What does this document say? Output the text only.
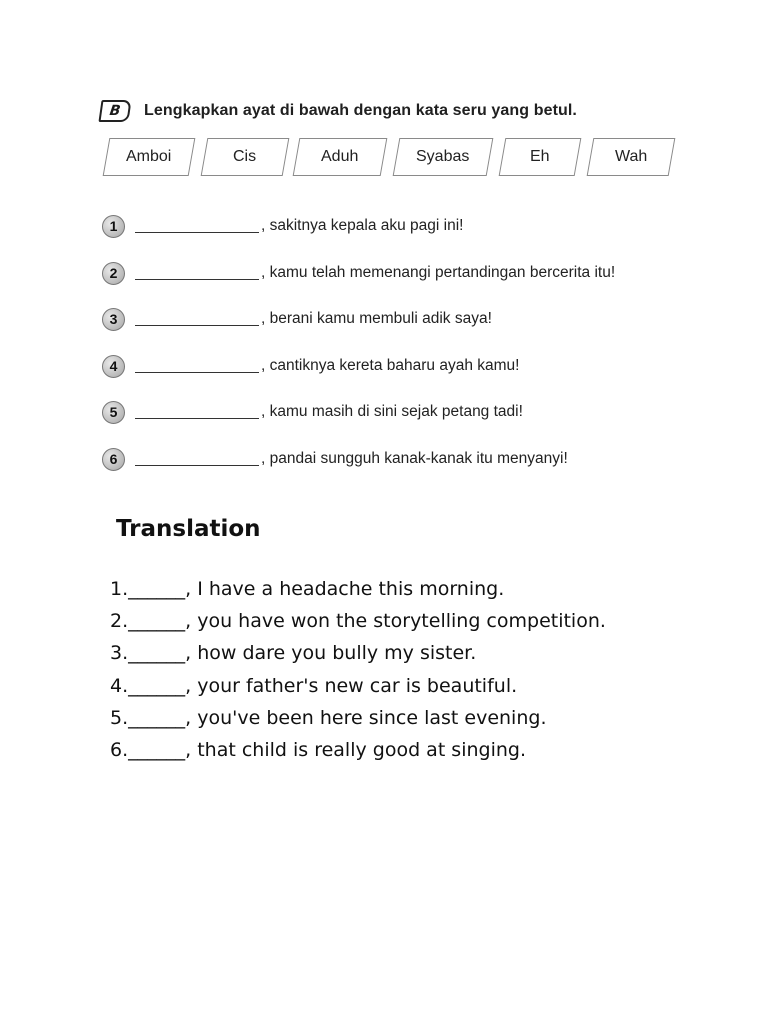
B	Lengkapkan ayat di bawah dengan kata seru yang betul.
Amboi	Cis	Aduh	Syabas	Eh	Wah
1	, sakitnya kepala aku pagi ini!
2	, kamu telah memenangi pertandingan bercerita itu!
3	, berani kamu membuli adik saya!
4	, cantiknya kereta baharu ayah kamu!
5	, kamu masih di sini sejak petang tadi!
6	, pandai sungguh kanak-kanak itu menyanyi!
Translation
1.______, I have a headache this morning.
2.______, you have won the storytelling competition.
3.______, how dare you bully my sister.
4.______, your father's new car is beautiful.
5.______, you've been here since last evening.
6.______, that child is really good at singing.
